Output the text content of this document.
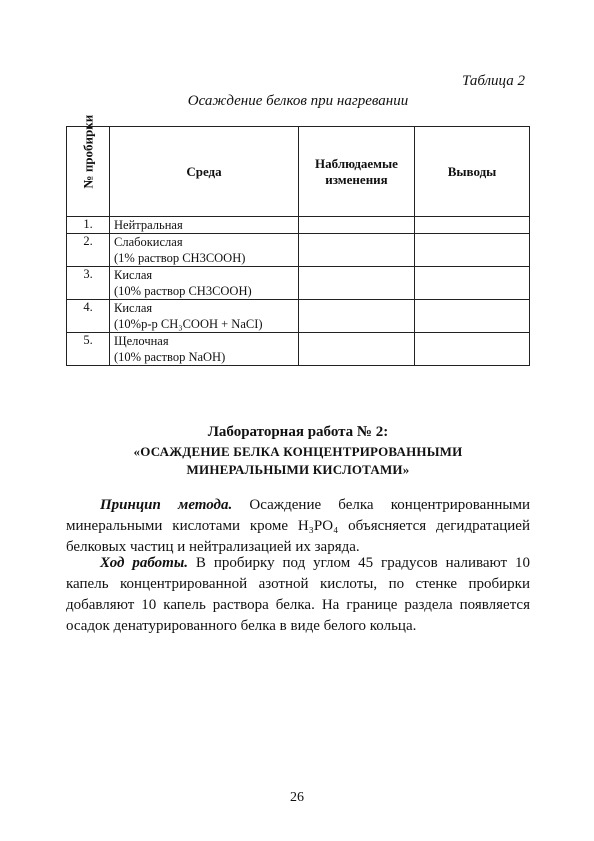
Таблица 2
Осаждение белков при нагревании
№ пробирки	Среда	Наблюдаемые изменения	Выводы
1.	Нейтральная		

2.	Слабокислая
(1% раствор CH3COOH)		

3.	Кислая
(10% раствор CH3COOH)		

4.	Кислая
(10%р-р CH₃COOH + NaCI)		

5.	Щелочная
(10% раствор NaOH)		

Лабораторная работа № 2:
«ОСАЖДЕНИЕ БЕЛКА КОНЦЕНТРИРОВАННЫМИ
МИНЕРАЛЬНЫМИ КИСЛОТАМИ»
Принцип метода. Осаждение белка концентрированными минеральными кислотами кроме H₃PO₄ объясняется дегидратацией белковых частиц и нейтрализацией их заряда.
Ход работы. В пробирку под углом 45 градусов наливают 10 капель концентрированной азотной кислоты, по стенке пробирки добавляют 10 капель раствора белка. На границе раздела появляется осадок денатурированного белка в виде белого кольца.
26
